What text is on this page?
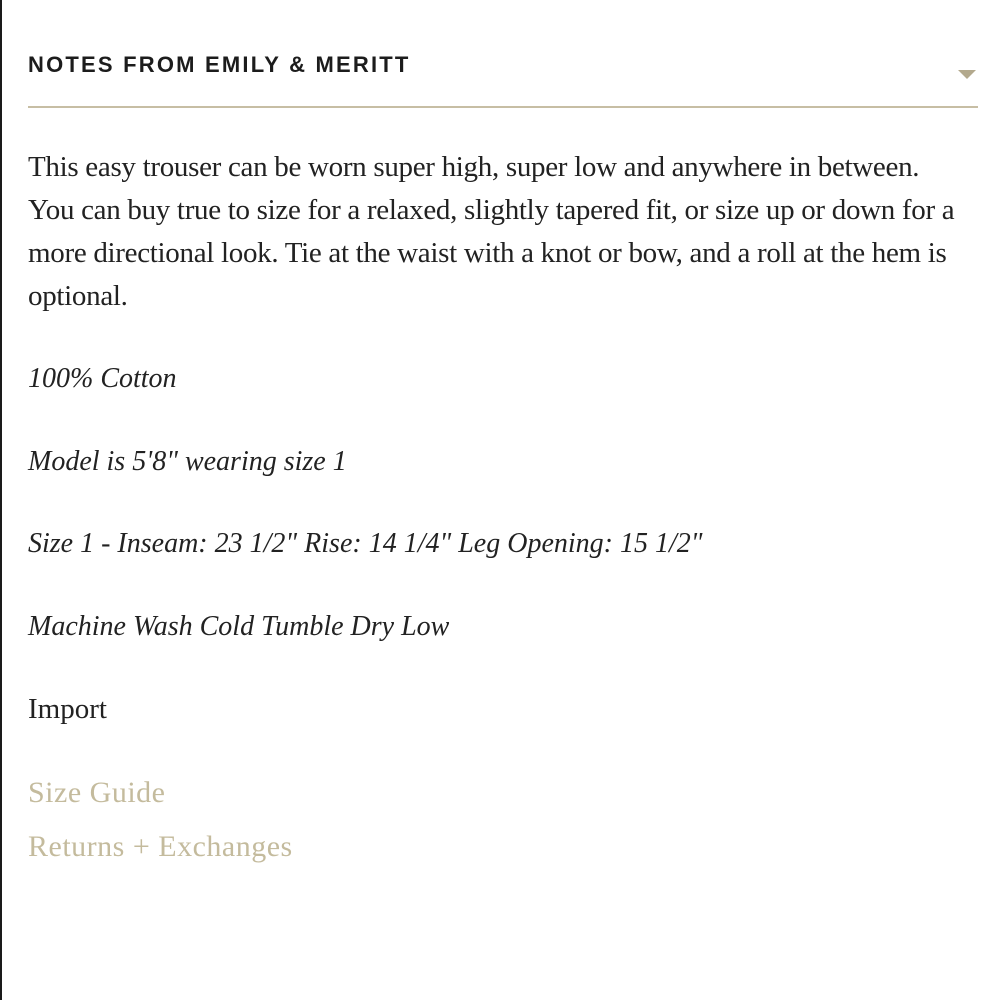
NOTES FROM EMILY & MERITT

This easy trouser can be worn super high, super low and anywhere in between. You can buy true to size for a relaxed, slightly tapered fit, or size up or down for a more directional look. Tie at the waist with a knot or bow, and a roll at the hem is optional.

100% Cotton

Model is 5'8" wearing size 1

Size 1 - Inseam: 23 1/2" Rise: 14 1/4" Leg Opening: 15 1/2"

Machine Wash Cold Tumble Dry Low

Import

Size Guide
Returns + Exchanges
